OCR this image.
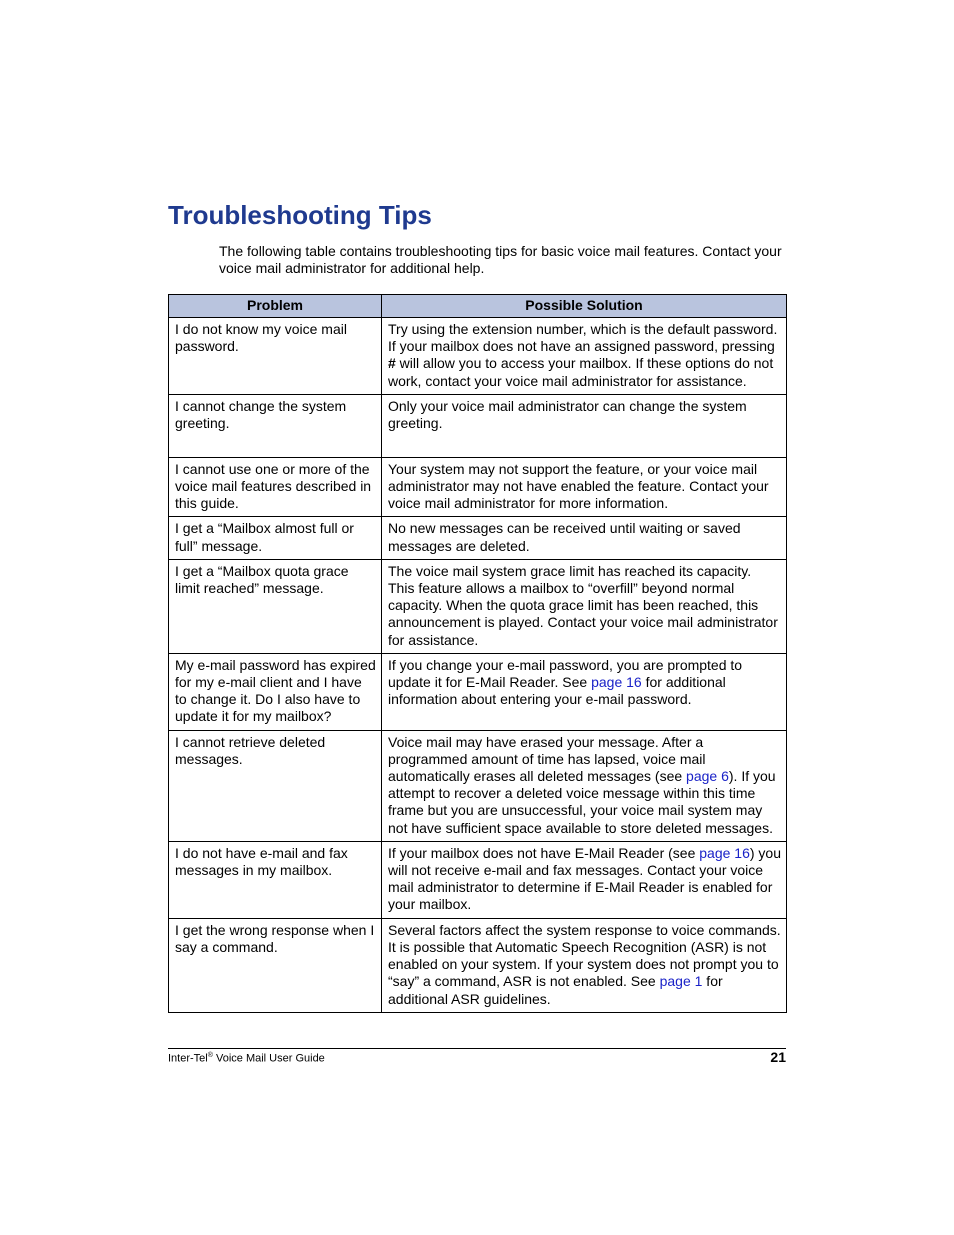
Troubleshooting Tips

The following table contains troubleshooting tips for basic voice mail features. Contact your voice mail administrator for additional help.

Problem	Possible Solution
I do not know my voice mail password.	Try using the extension number, which is the default password. If your mailbox does not have an assigned password, pressing # will allow you to access your mailbox. If these options do not work, contact your voice mail administrator for assistance.
I cannot change the system greeting.	Only your voice mail administrator can change the system greeting.
I cannot use one or more of the voice mail features described in this guide.	Your system may not support the feature, or your voice mail administrator may not have enabled the feature. Contact your voice mail administrator for more information.
I get a “Mailbox almost full or full” message.	No new messages can be received until waiting or saved messages are deleted.
I get a “Mailbox quota grace limit reached” message.	The voice mail system grace limit has reached its capacity. This feature allows a mailbox to “overfill” beyond normal capacity. When the quota grace limit has been reached, this announcement is played. Contact your voice mail administrator for assistance.
My e-mail password has expired for my e-mail client and I have to change it. Do I also have to update it for my mailbox?	If you change your e-mail password, you are prompted to update it for E-Mail Reader. See page 16 for additional information about entering your e-mail password.
I cannot retrieve deleted messages.	Voice mail may have erased your message. After a programmed amount of time has lapsed, voice mail automatically erases all deleted messages (see page 6). If you attempt to recover a deleted voice message within this time frame but you are unsuccessful, your voice mail system may not have sufficient space available to store deleted messages.
I do not have e-mail and fax messages in my mailbox.	If your mailbox does not have E-Mail Reader (see page 16) you will not receive e-mail and fax messages. Contact your voice mail administrator to determine if E-Mail Reader is enabled for your mailbox.
I get the wrong response when I say a command.	Several factors affect the system response to voice commands. It is possible that Automatic Speech Recognition (ASR) is not enabled on your system. If your system does not prompt you to “say” a command, ASR is not enabled. See page 1 for additional ASR guidelines.
Inter-Tel® Voice Mail User Guide	21
